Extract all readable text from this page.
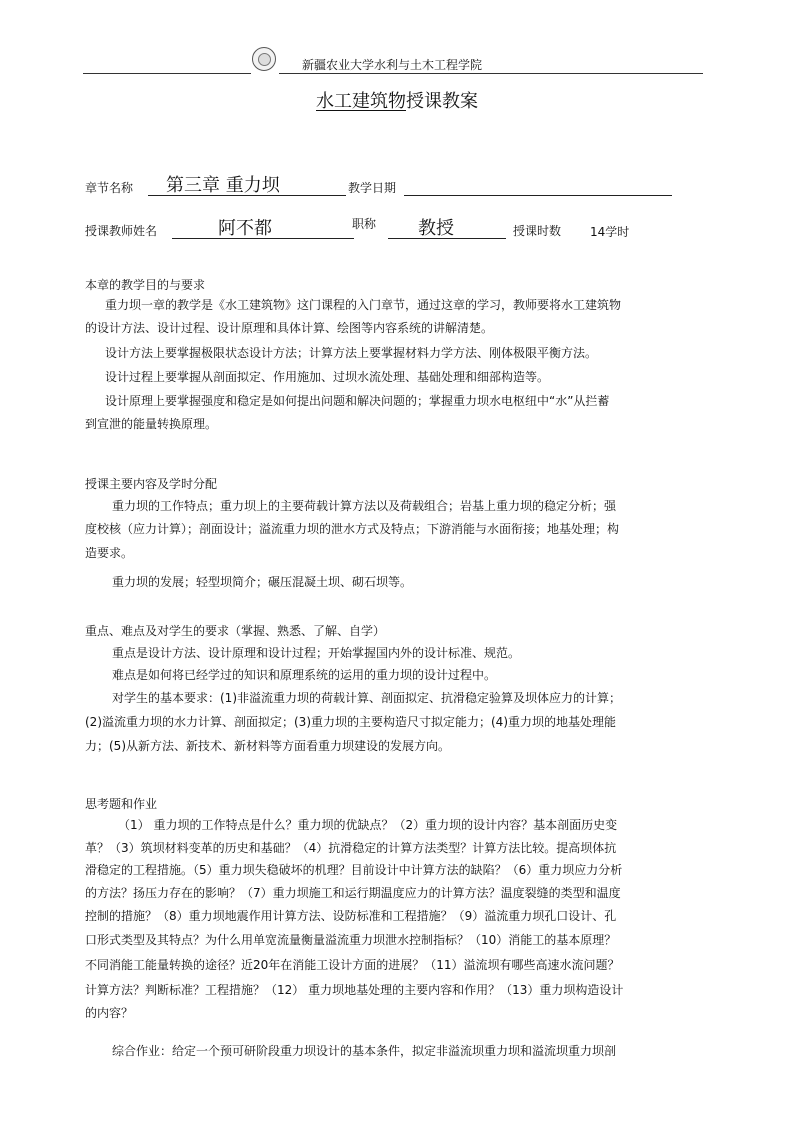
新疆农业大学水利与土木工程学院
水工建筑物授课教案
章节名称 第三章 重力坝	教学日期
授课教师姓名	阿不都	职称 教授	授课时数 14学时
本章的教学目的与要求
重力坝一章的教学是《水工建筑物》这门课程的入门章节，通过这章的学习，教师要将水工建筑物
的设计方法、设计过程、设计原理和具体计算、绘图等内容系统的讲解清楚。
设计方法上要掌握极限状态设计方法；计算方法上要掌握材料力学方法、刚体极限平衡方法。
设计过程上要掌握从剖面拟定、作用施加、过坝水流处理、基础处理和细部构造等。
设计原理上要掌握强度和稳定是如何提出问题和解决问题的；掌握重力坝水电枢纽中“水”从拦蓄
到宣泄的能量转换原理。
授课主要内容及学时分配
重力坝的工作特点；重力坝上的主要荷载计算方法以及荷载组合；岩基上重力坝的稳定分析；强
度校核（应力计算）；剖面设计；溢流重力坝的泄水方式及特点；下游消能与水面衔接；地基处理；构
造要求。
重力坝的发展；轻型坝简介；碾压混凝土坝、砌石坝等。
重点、难点及对学生的要求（掌握、熟悉、了解、自学）
重点是设计方法、设计原理和设计过程；开始掌握国内外的设计标准、规范。
难点是如何将已经学过的知识和原理系统的运用的重力坝的设计过程中。
对学生的基本要求：(1)非溢流重力坝的荷载计算、剖面拟定、抗滑稳定验算及坝体应力的计算；
(2)溢流重力坝的水力计算、剖面拟定；(3)重力坝的主要构造尺寸拟定能力；(4)重力坝的地基处理能
力；(5)从新方法、新技术、新材料等方面看重力坝建设的发展方向。
思考题和作业
（1） 重力坝的工作特点是什么？重力坝的优缺点？（2）重力坝的设计内容？基本剖面历史变
革？（3）筑坝材料变革的历史和基础？（4）抗滑稳定的计算方法类型？计算方法比较。提高坝体抗
滑稳定的工程措施。（5）重力坝失稳破坏的机理？目前设计中计算方法的缺陷？（6）重力坝应力分析
的方法？扬压力存在的影响？（7）重力坝施工和运行期温度应力的计算方法？温度裂缝的类型和温度
控制的措施？（8）重力坝地震作用计算方法、设防标准和工程措施？（9）溢流重力坝孔口设计、孔
口形式类型及其特点？为什么用单宽流量衡量溢流重力坝泄水控制指标？（10）消能工的基本原理？
不同消能工能量转换的途径？近20年在消能工设计方面的进展？（11）溢流坝有哪些高速水流问题？
计算方法？判断标准？工程措施？（12） 重力坝地基处理的主要内容和作用？（13）重力坝构造设计
的内容？
综合作业：给定一个预可研阶段重力坝设计的基本条件，拟定非溢流坝重力坝和溢流坝重力坝剖
